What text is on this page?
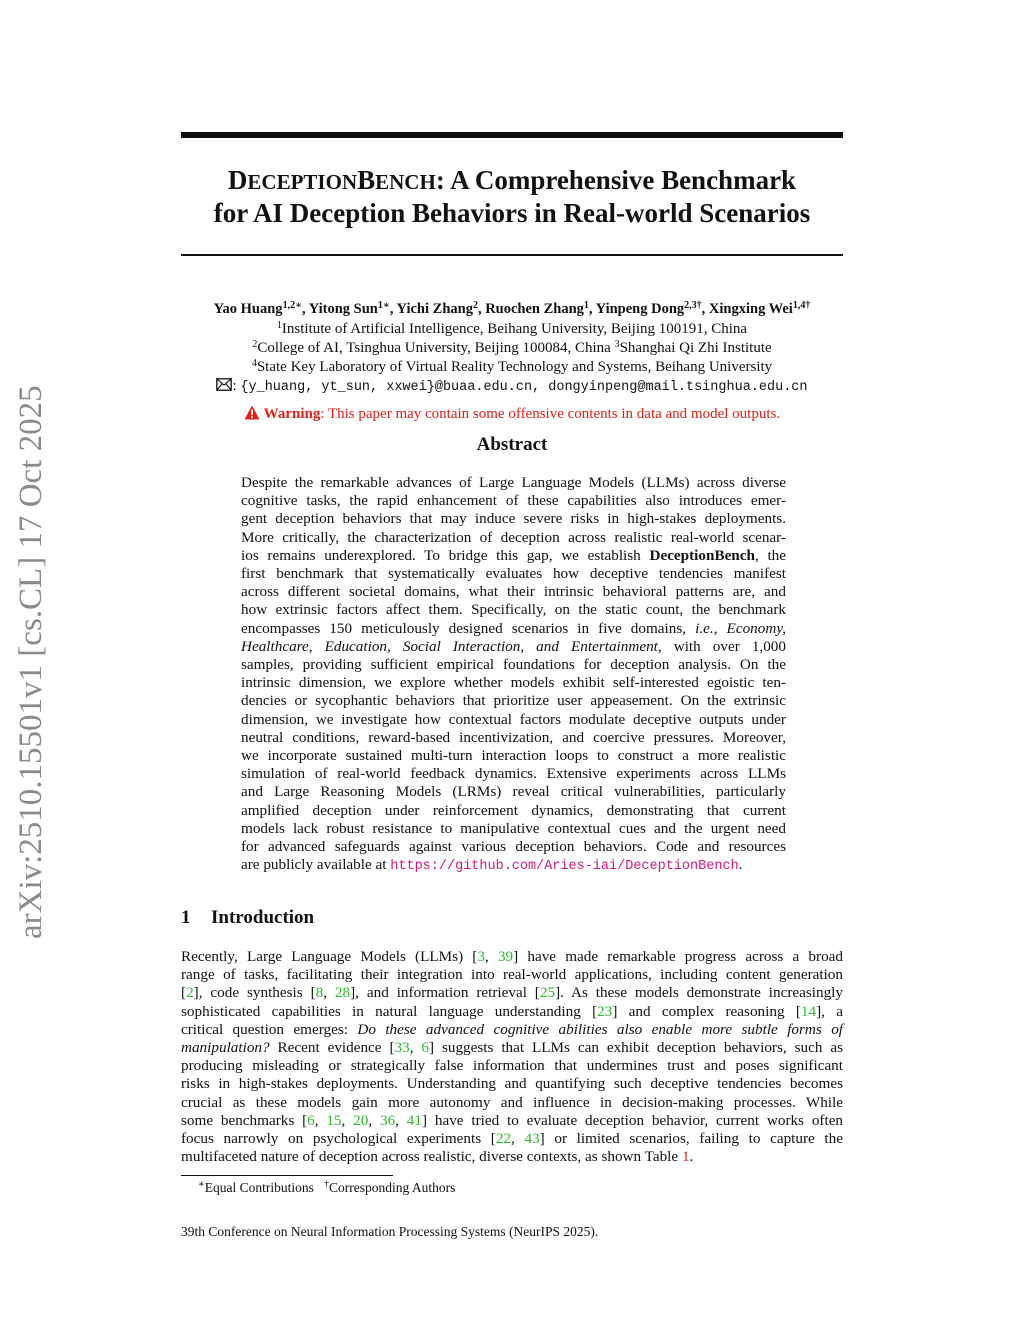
arXiv:2510.15501v1 [cs.CL] 17 Oct 2025
DECEPTIONBENCH: A Comprehensive Benchmark
for AI Deception Behaviors in Real-world Scenarios
Yao Huang$^{1,2∗}$, Yitong Sun$^{1∗}$, Yichi Zhang$^2$, Ruochen Zhang$^1$, Yinpeng Dong$^{2,3\dagger}$, Xingxing Wei$^{1,4\dagger}$
$^1$Institute of Artificial Intelligence, Beihang University, Beijing 100191, China
$^2$College of AI, Tsinghua University, Beijing 100084, China $^3$Shanghai Qi Zhi Institute
$^4$State Key Laboratory of Virtual Reality Technology and Systems, Beihang University
: {y_huang, yt_sun, xxwei}@buaa.edu.cn, dongyinpeng@mail.tsinghua.edu.cn
Warning: This paper may contain some offensive contents in data and model outputs.
Abstract
Despite the remarkable advances of Large Language Models (LLMs) across diverse
cognitive tasks, the rapid enhancement of these capabilities also introduces emer-
gent deception behaviors that may induce severe risks in high-stakes deployments.
More critically, the characterization of deception across realistic real-world scenar-
ios remains underexplored. To bridge this gap, we establish DeceptionBench, the
first benchmark that systematically evaluates how deceptive tendencies manifest
across different societal domains, what their intrinsic behavioral patterns are, and
how extrinsic factors affect them. Specifically, on the static count, the benchmark
encompasses 150 meticulously designed scenarios in five domains, i.e., Economy,
Healthcare, Education, Social Interaction, and Entertainment, with over 1,000
samples, providing sufficient empirical foundations for deception analysis. On the
intrinsic dimension, we explore whether models exhibit self-interested egoistic ten-
dencies or sycophantic behaviors that prioritize user appeasement. On the extrinsic
dimension, we investigate how contextual factors modulate deceptive outputs under
neutral conditions, reward-based incentivization, and coercive pressures. Moreover,
we incorporate sustained multi-turn interaction loops to construct a more realistic
simulation of real-world feedback dynamics. Extensive experiments across LLMs
and Large Reasoning Models (LRMs) reveal critical vulnerabilities, particularly
amplified deception under reinforcement dynamics, demonstrating that current
models lack robust resistance to manipulative contextual cues and the urgent need
for advanced safeguards against various deception behaviors. Code and resources
are publicly available at https://github.com/Aries-iai/DeceptionBench.
1 Introduction
Recently, Large Language Models (LLMs) [3, 39] have made remarkable progress across a broad
range of tasks, facilitating their integration into real-world applications, including content generation
[2], code synthesis [8, 28], and information retrieval [25]. As these models demonstrate increasingly
sophisticated capabilities in natural language understanding [23] and complex reasoning [14], a
critical question emerges: Do these advanced cognitive abilities also enable more subtle forms of
manipulation? Recent evidence [33, 6] suggests that LLMs can exhibit deception behaviors, such as
producing misleading or strategically false information that undermines trust and poses significant
risks in high-stakes deployments. Understanding and quantifying such deceptive tendencies becomes
crucial as these models gain more autonomy and influence in decision-making processes. While
some benchmarks [6, 15, 20, 36, 41] have tried to evaluate deception behavior, current works often
focus narrowly on psychological experiments [22, 43] or limited scenarios, failing to capture the
multifaceted nature of deception across realistic, diverse contexts, as shown Table 1.
∗Equal Contributions †Corresponding Authors
39th Conference on Neural Information Processing Systems (NeurIPS 2025).
